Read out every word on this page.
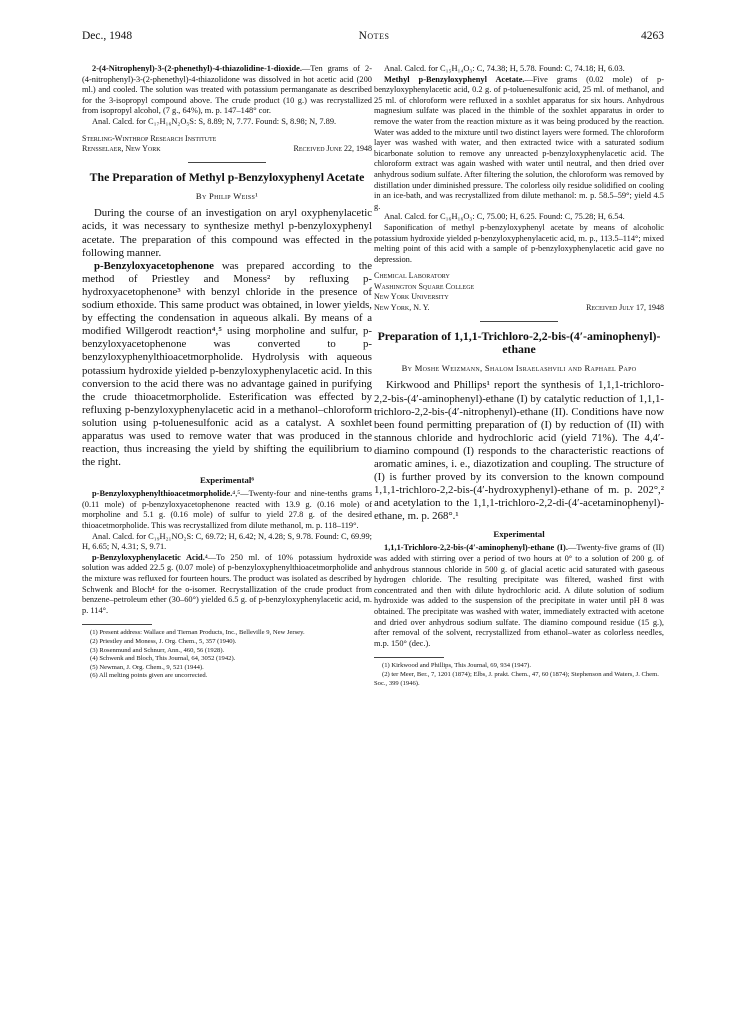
Dec., 1948	Notes	4263

2-(4-Nitrophenyl)-3-(2-phenethyl)-4-thiazolidine-1-dioxide.—Ten grams of 2-(4-nitrophenyl)-3-(2-phenethyl)-4-thiazolidone was dissolved in hot acetic acid (200 ml.) and cooled. The solution was treated with potassium permanganate as described for the 3-isopropyl compound above. The crude product (10 g.) was recrystallized from isopropyl alcohol, (7 g., 64%), m. p. 147–148° cor.

Anal. Calcd. for C₁₇H₁₆N₂O₅S: S, 8.89; N, 7.77. Found: S, 8.98; N, 7.89.

Sterling-Winthrop Research Institute
Rensselaer, New York	Received June 22, 1948
The Preparation of Methyl p-Benzyloxyphenyl Acetate
By Philip Weiss¹

During the course of an investigation on aryl oxyphenylacetic acids, it was necessary to synthesize methyl p-benzyloxyphenyl acetate. The preparation of this compound was effected in the following manner.

p-Benzyloxyacetophenone was prepared according to the method of Priestley and Moness² by refluxing p-hydroxyacetophenone³ with benzyl chloride in the presence of sodium ethoxide. This same product was obtained, in lower yields, by effecting the condensation in aqueous alkali. By means of a modified Willgerodt reaction⁴,⁵ using morpholine and sulfur, p-benzyloxyacetophenone was converted to p-benzyloxyphenylthioacetmorpholide. Hydrolysis with aqueous potassium hydroxide yielded p-benzyloxyphenylacetic acid. In this conversion to the acid there was no advantage gained in purifying the crude thioacetmorpholide. Esterification was effected by refluxing p-benzyloxyphenylacetic acid in a methanol–chloroform solution using p-toluenesulfonic acid as a catalyst. A soxhlet apparatus was used to remove water that was produced in the reaction, thus increasing the yield by shifting the equilibrium to the right.

Experimental⁶

p-Benzyloxyphenylthioacetmorpholide.⁴,⁵—Twenty-four and nine-tenths grams (0.11 mole) of p-benzyloxyacetophenone reacted with 13.9 g. (0.16 mole) of morpholine and 5.1 g. (0.16 mole) of sulfur to yield 27.8 g. of the desired thioacetmorpholide. This was recrystallized from dilute methanol, m. p. 118–119°.

Anal. Calcd. for C₁₉H₂₁NO₂S: C, 69.72; H, 6.42; N, 4.28; S, 9.78. Found: C, 69.99; H, 6.65; N, 4.31; S, 9.71.

p-Benzyloxyphenylacetic Acid.⁴—To 250 ml. of 10% potassium hydroxide solution was added 22.5 g. (0.07 mole) of p-benzyloxyphenylthioacetmorpholide and the mixture was refluxed for fourteen hours. The product was isolated as described by Schwenk and Bloch⁴ for the o-isomer. Recrystallization of the crude product from benzene–petroleum ether (30–60°) yielded 6.5 g. of p-benzyloxyphenylacetic acid, m. p. 114°.

(1) Present address: Wallace and Tiernan Products, Inc., Belleville 9, New Jersey.

(2) Priestley and Moness, J. Org. Chem., 5, 357 (1940).

(3) Rosenmund and Schnurr, Ann., 460, 56 (1928).

(4) Schwenk and Bloch, This Journal, 64, 3052 (1942).

(5) Newman, J. Org. Chem., 9, 521 (1944).

(6) All melting points given are uncorrected.

Anal. Calcd. for C₁₅H₁₄O₃: C, 74.38; H, 5.78. Found: C, 74.18; H, 6.03.

Methyl p-Benzyloxyphenyl Acetate.—Five grams (0.02 mole) of p-benzyloxyphenylacetic acid, 0.2 g. of p-toluenesulfonic acid, 25 ml. of methanol, and 25 ml. of chloroform were refluxed in a soxhlet apparatus for six hours. Anhydrous magnesium sulfate was placed in the thimble of the soxhlet apparatus in order to remove the water from the reaction mixture as it was being produced by the reaction. Water was added to the mixture until two distinct layers were formed. The chloroform layer was washed with water, and then extracted twice with a saturated sodium bicarbonate solution to remove any unreacted p-benzyloxyphenylacetic acid. The chloroform extract was again washed with water until neutral, and then dried over anhydrous sodium sulfate. After filtering the solution, the chloroform was removed by distillation under diminished pressure. The colorless oily residue solidified on cooling in an ice-bath, and was recrystallized from dilute methanol: m. p. 58.5–59°; yield 4.5 g.

Anal. Calcd. for C₁₆H₁₆O₃: C, 75.00; H, 6.25. Found: C, 75.28; H, 6.54.

Saponification of methyl p-benzyloxyphenyl acetate by means of alcoholic potassium hydroxide yielded p-benzyloxyphenylacetic acid, m. p., 113.5–114°; mixed melting point of this acid with a sample of p-benzyloxyphenylacetic acid gave no depression.

Chemical Laboratory
Washington Square College
New York University
New York, N. Y.	Received July 17, 1948
Preparation of 1,1,1-Trichloro-2,2-bis-(4′-aminophenyl)-ethane
By Moshe Weizmann, Shalom Israelashvili and Raphael Papo

Kirkwood and Phillips¹ report the synthesis of 1,1,1-trichloro-2,2-bis-(4′-aminophenyl)-ethane (I) by catalytic reduction of 1,1,1-trichloro-2,2-bis-(4′-nitrophenyl)-ethane (II). Conditions have now been found permitting preparation of (I) by reduction of (II) with stannous chloride and hydrochloric acid (yield 71%). The 4,4′-diamino compound (I) responds to the characteristic reactions of aromatic amines, i. e., diazotization and coupling. The structure of (I) is further proved by its conversion to the known compound 1,1,1-trichloro-2,2-bis-(4′-hydroxyphenyl)-ethane of m. p. 202°,² and acetylation to the 1,1,1-trichloro-2,2-di-(4′-acetaminophenyl)-ethane, m. p. 268°.¹

Experimental

1,1,1-Trichloro-2,2-bis-(4′-aminophenyl)-ethane (I).—Twenty-five grams of (II) was added with stirring over a period of two hours at 0° to a solution of 200 g. of anhydrous stannous chloride in 500 g. of glacial acetic acid saturated with gaseous hydrogen chloride. The resulting precipitate was filtered, washed first with concentrated and then with dilute hydrochloric acid. A dilute solution of sodium hydroxide was added to the suspension of the precipitate in water until pH 8 was obtained. The precipitate was washed with water, immediately extracted with acetone and dried over anhydrous sodium sulfate. The diamino compound residue (15 g.), after removal of the solvent, recrystallized from ethanol–water as colorless needles, m.p. 150° (dec.).

(1) Kirkwood and Phillips, This Journal, 69, 934 (1947).

(2) ter Meer, Ber., 7, 1201 (1874); Elbs, J. prakt. Chem., 47, 60 (1874); Stephenson and Waters, J. Chem. Soc., 399 (1946).
